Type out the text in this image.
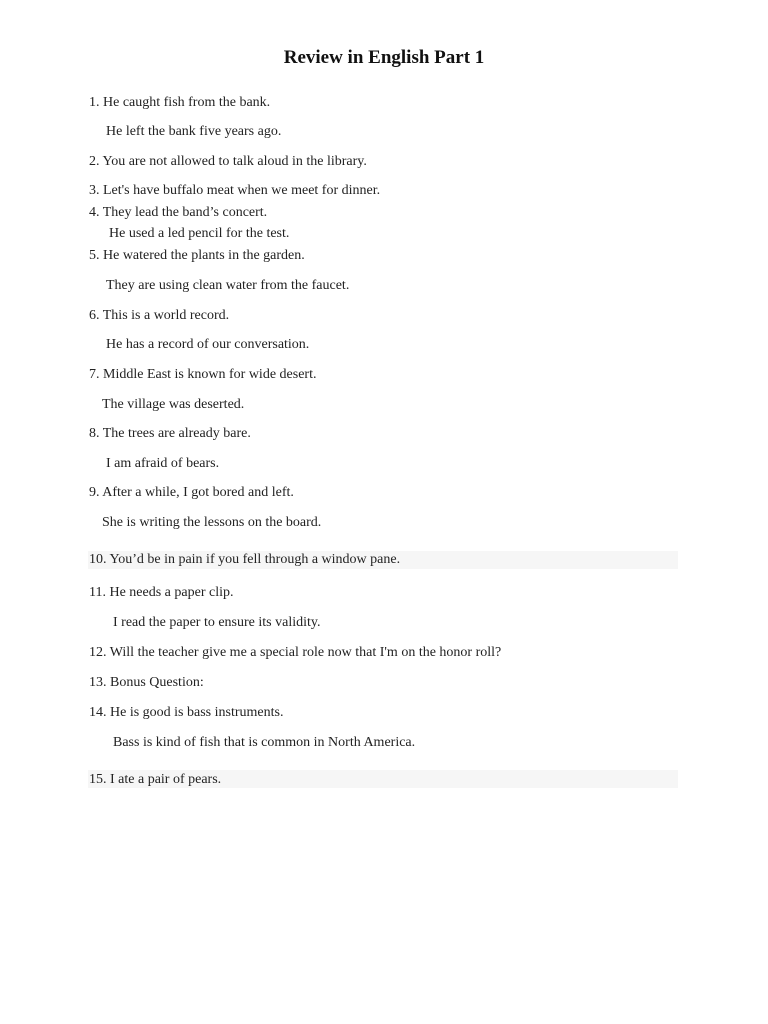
Review in English Part 1
1. He caught fish from the bank.
He left the bank five years ago.
2. You are not allowed to talk aloud in the library.
3. Let's have buffalo meat when we meet for dinner.
4. They lead the band’s concert.
He used a led pencil for the test.
5. He watered the plants in the garden.
They are using clean water from the faucet.
6. This is a world record.
He has a record of our conversation.
7. Middle East is known for wide desert.
The village was deserted.
8. The trees are already bare.
I am afraid of bears.
9. After a while, I got bored and left.
She is writing the lessons on the board.
10. You’d be in pain if you fell through a window pane.
11. He needs a paper clip.
I read the paper to ensure its validity.
12. Will the teacher give me a special role now that I'm on the honor roll?
13. Bonus Question:
14. He is good is bass instruments.
Bass is kind of fish that is common in North America.
15. I ate a pair of pears.
